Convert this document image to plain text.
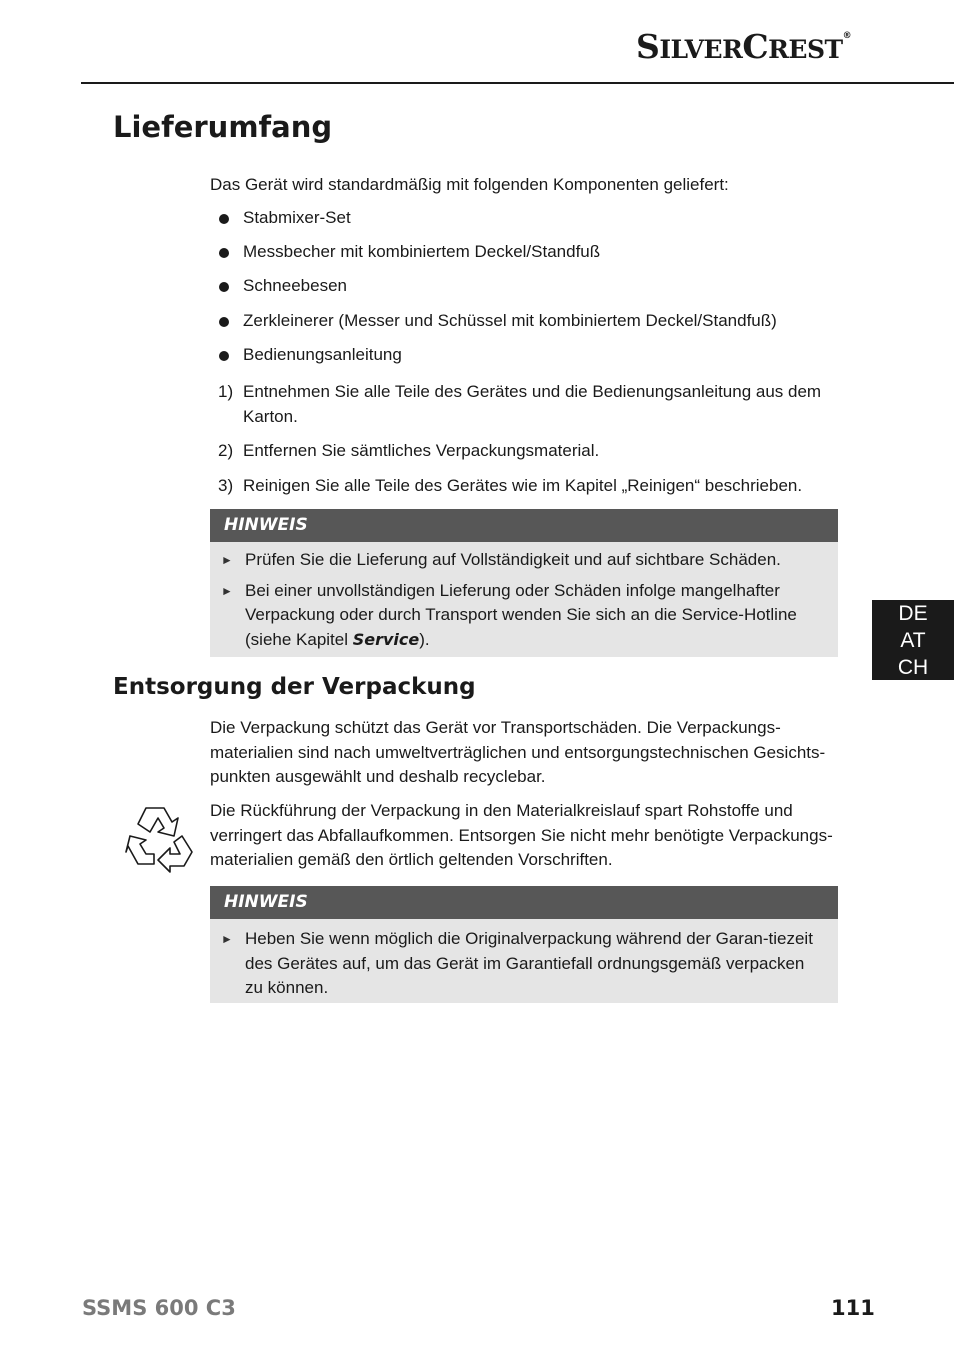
SILVERCREST®
Lieferumfang
Das Gerät wird standardmäßig mit folgenden Komponenten geliefert:
Stabmixer-Set
Messbecher mit kombiniertem Deckel/Standfuß
Schneebesen
Zerkleinerer (Messer und Schüssel mit kombiniertem Deckel/Standfuß)
Bedienungsanleitung
1) Entnehmen Sie alle Teile des Gerätes und die Bedienungsanleitung aus dem Karton.
2) Entfernen Sie sämtliches Verpackungsmaterial.
3) Reinigen Sie alle Teile des Gerätes wie im Kapitel „Reinigen“ beschrieben.
HINWEIS
► Prüfen Sie die Lieferung auf Vollständigkeit und auf sichtbare Schäden.
► Bei einer unvollständigen Lieferung oder Schäden infolge mangelhafter Verpackung oder durch Transport wenden Sie sich an die Service-Hotline (siehe Kapitel Service).
DE
AT
CH
Entsorgung der Verpackung
Die Verpackung schützt das Gerät vor Transportschäden. Die Verpackungs-materialien sind nach umweltverträglichen und entsorgungstechnischen Gesichts-punkten ausgewählt und deshalb recyclebar.
Die Rückführung der Verpackung in den Materialkreislauf spart Rohstoffe und verringert das Abfallaufkommen. Entsorgen Sie nicht mehr benötigte Verpackungs-materialien gemäß den örtlich geltenden Vorschriften.
HINWEIS
► Heben Sie wenn möglich die Originalverpackung während der Garan-tiezeit des Gerätes auf, um das Gerät im Garantiefall ordnungsgemäß verpacken zu können.
SSMS 600 C3	111
